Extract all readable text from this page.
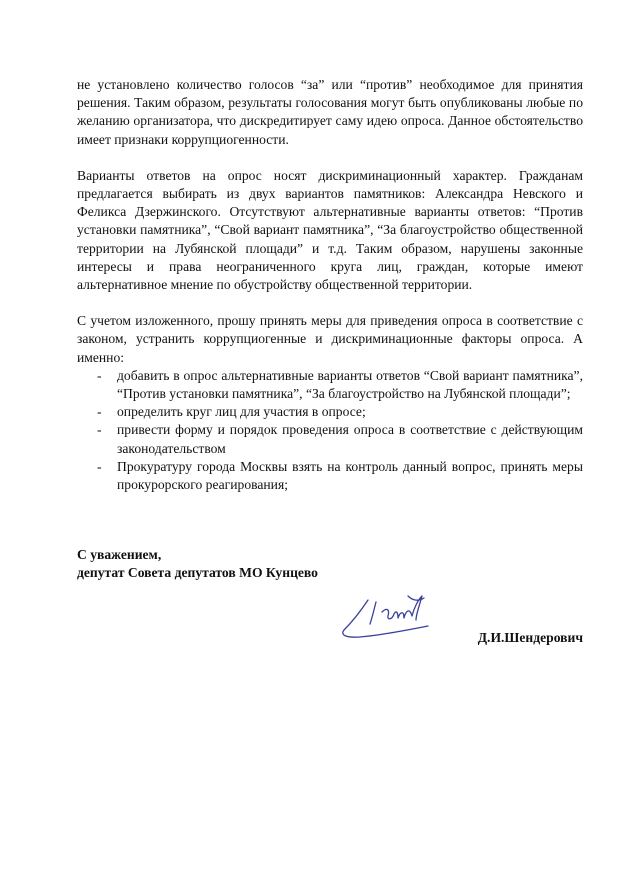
не установлено количество голосов “за” или “против” необходимое для принятия решения. Таким образом, результаты голосования могут быть опубликованы любые по желанию организатора, что дискредитирует саму идею опроса. Данное обстоятельство имеет признаки коррупциогенности.

Варианты ответов на опрос носят дискриминационный характер. Гражданам предлагается выбирать из двух вариантов памятников: Александра Невского и Феликса Дзержинского. Отсутствуют альтернативные варианты ответов: “Против установки памятника”, “Свой вариант памятника”, “За благоустройство общественной территории на Лубянской площади” и т.д. Таким образом, нарушены законные интересы и права неограниченного круга лиц, граждан, которые имеют альтернативное мнение по обустройству общественной территории.

С учетом изложенного, прошу принять меры для приведения опроса в соответствие с законом, устранить коррупциогенные и дискриминационные факторы опроса. А именно:

- добавить в опрос альтернативные варианты ответов “Свой вариант памятника”, “Против установки памятника”, “За благоустройство на Лубянской площади”;
- определить круг лиц для участия в опросе;
- привести форму и порядок проведения опроса в соответствие с действующим законодательством
- Прокуратуру города Москвы взять на контроль данный вопрос, принять меры прокурорского реагирования;

С уважением,

депутат Совета депутатов МО Кунцево

Д.И.Шендерович
